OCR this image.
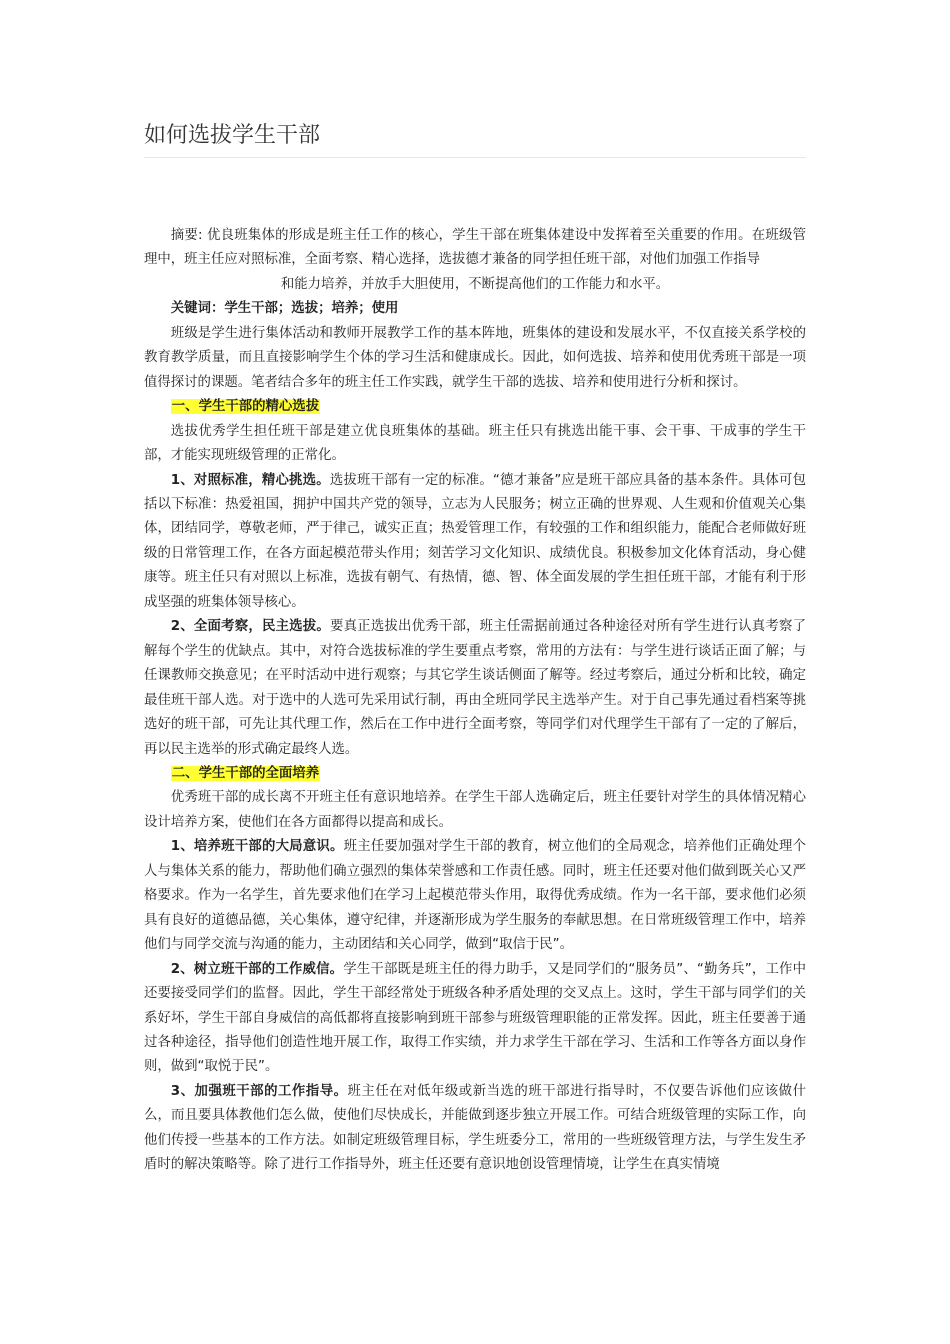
如何选拔学生干部

摘要: 优良班集体的形成是班主任工作的核心，学生干部在班集体建设中发挥着至关重要的作用。在班级管理中，班主任应对照标准，全面考察、精心选择，选拔德才兼备的同学担任班干部，对他们加强工作指导

和能力培养，并放手大胆使用，不断提高他们的工作能力和水平。

关键词：学生干部；选拔；培养；使用

班级是学生进行集体活动和教师开展教学工作的基本阵地，班集体的建设和发展水平，不仅直接关系学校的教育教学质量，而且直接影响学生个体的学习生活和健康成长。因此，如何选拔、培养和使用优秀班干部是一项值得探讨的课题。笔者结合多年的班主任工作实践，就学生干部的选拔、培养和使用进行分析和探讨。

一、学生干部的精心选拔

选拔优秀学生担任班干部是建立优良班集体的基础。班主任只有挑选出能干事、会干事、干成事的学生干部，才能实现班级管理的正常化。

1、对照标准，精心挑选。选拔班干部有一定的标准。“德才兼备”应是班干部应具备的基本条件。具体可包括以下标准：热爱祖国，拥护中国共产党的领导，立志为人民服务；树立正确的世界观、人生观和价值观关心集体，团结同学，尊敬老师，严于律己，诚实正直；热爱管理工作，有较强的工作和组织能力，能配合老师做好班级的日常管理工作，在各方面起模范带头作用；刻苦学习文化知识、成绩优良。积极参加文化体育活动，身心健康等。班主任只有对照以上标准，选拔有朝气、有热情，德、智、体全面发展的学生担任班干部，才能有利于形成坚强的班集体领导核心。

2、全面考察，民主选拔。要真正选拔出优秀干部，班主任需据前通过各种途径对所有学生进行认真考察了解每个学生的优缺点。其中，对符合选拔标准的学生要重点考察，常用的方法有：与学生进行谈话正面了解；与任课教师交换意见；在平时活动中进行观察；与其它学生谈话侧面了解等。经过考察后，通过分析和比较，确定最佳班干部人选。对于选中的人选可先采用试行制，再由全班同学民主选举产生。对于自己事先通过看档案等挑选好的班干部，可先让其代理工作，然后在工作中进行全面考察，等同学们对代理学生干部有了一定的了解后，再以民主选举的形式确定最终人选。

二、学生干部的全面培养

优秀班干部的成长离不开班主任有意识地培养。在学生干部人选确定后，班主任要针对学生的具体情况精心设计培养方案，使他们在各方面都得以提高和成长。

1、培养班干部的大局意识。班主任要加强对学生干部的教育，树立他们的全局观念，培养他们正确处理个人与集体关系的能力，帮助他们确立强烈的集体荣誉感和工作责任感。同时，班主任还要对他们做到既关心又严格要求。作为一名学生，首先要求他们在学习上起模范带头作用，取得优秀成绩。作为一名干部，要求他们必须具有良好的道德品德，关心集体，遵守纪律，并逐渐形成为学生服务的奉献思想。在日常班级管理工作中，培养他们与同学交流与沟通的能力，主动团结和关心同学，做到“取信于民”。

2、树立班干部的工作威信。学生干部既是班主任的得力助手，又是同学们的“服务员”、“勤务兵”，工作中还要接受同学们的监督。因此，学生干部经常处于班级各种矛盾处理的交叉点上。这时，学生干部与同学们的关系好坏，学生干部自身威信的高低都将直接影响到班干部参与班级管理职能的正常发挥。因此，班主任要善于通过各种途径，指导他们创造性地开展工作，取得工作实绩，并力求学生干部在学习、生活和工作等各方面以身作则，做到“取悦于民”。

3、加强班干部的工作指导。班主任在对低年级或新当选的班干部进行指导时，不仅要告诉他们应该做什么，而且要具体教他们怎么做，使他们尽快成长，并能做到逐步独立开展工作。可结合班级管理的实际工作，向他们传授一些基本的工作方法。如制定班级管理目标，学生班委分工，常用的一些班级管理方法，与学生发生矛盾时的解决策略等。除了进行工作指导外，班主任还要有意识地创设管理情境，让学生在真实情境
